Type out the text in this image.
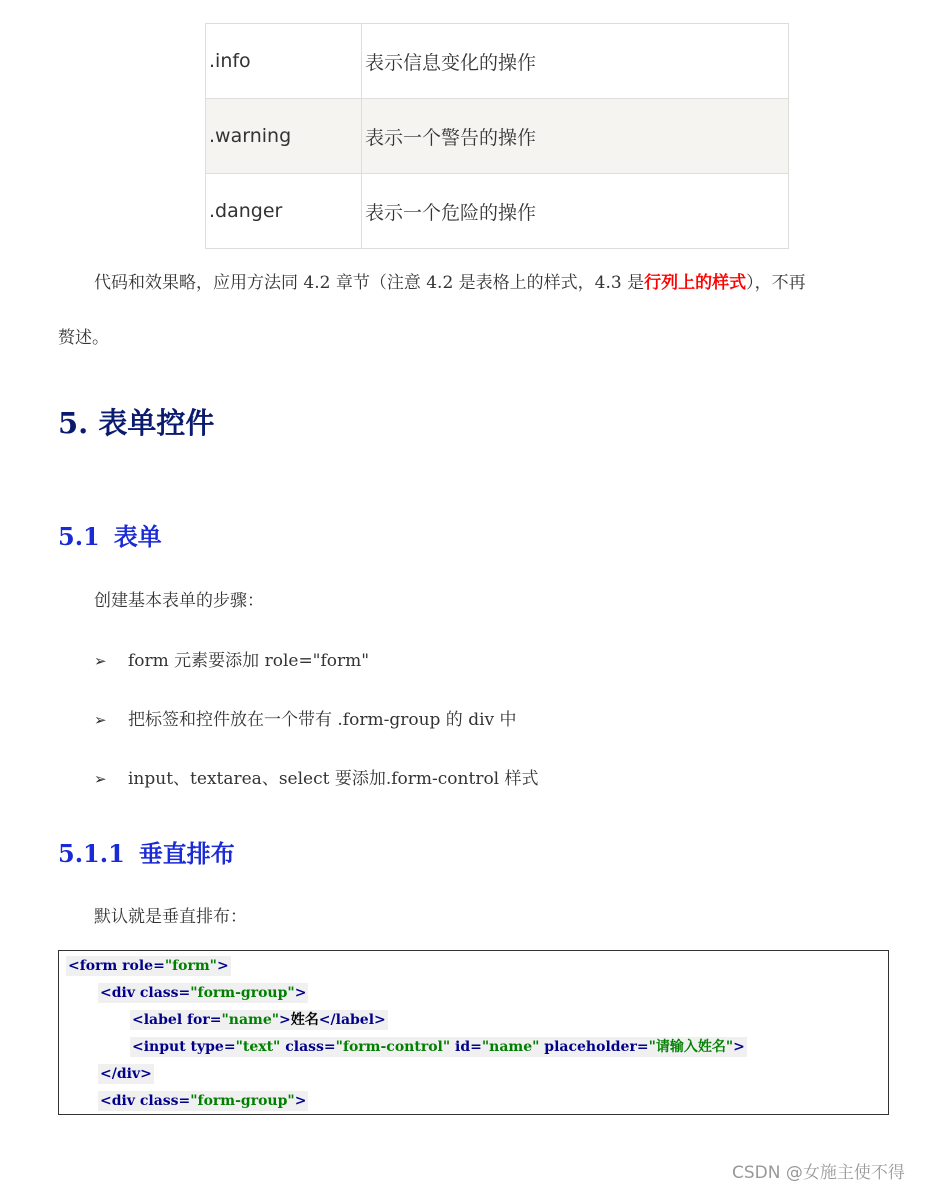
.info	表示信息变化的操作
.warning	表示一个警告的操作
.danger	表示一个危险的操作
代码和效果略，应用方法同 4.2 章节（注意 4.2 是表格上的样式，4.3 是行列上的样式），不再
赘述。
5. 表单控件
5.1 表单
创建基本表单的步骤：
➢ form 元素要添加 role="form"
➢ 把标签和控件放在一个带有 .form-group 的 div 中
➢ input、textarea、select 要添加.form-control 样式
5.1.1 垂直排布
默认就是垂直排布：
<form role="form">
<div class="form-group">
<label for="name">姓名</label>
<input type="text" class="form-control" id="name" placeholder="请输入姓名">
</div>
<div class="form-group">
CSDN @女施主使不得
